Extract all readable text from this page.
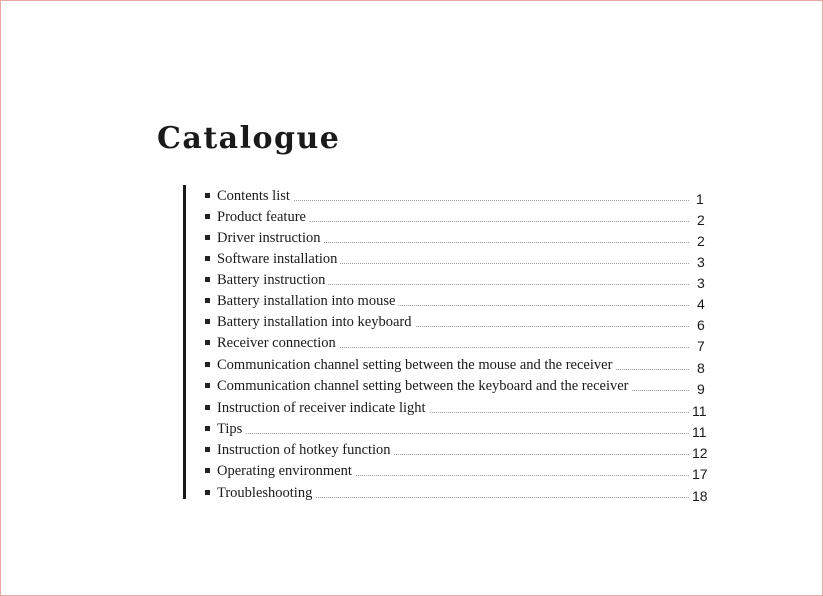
Catalogue
Contents list	1
Product feature	2
Driver instruction	2
Software installation	3
Battery instruction	3
Battery installation into mouse	4
Battery installation into keyboard	6
Receiver connection	7
Communication channel setting between the mouse and the receiver	8
Communication channel setting between the keyboard and the receiver	9
Instruction of receiver indicate light	11
Tips	11
Instruction of hotkey function	12
Operating environment	17
Troubleshooting	18
